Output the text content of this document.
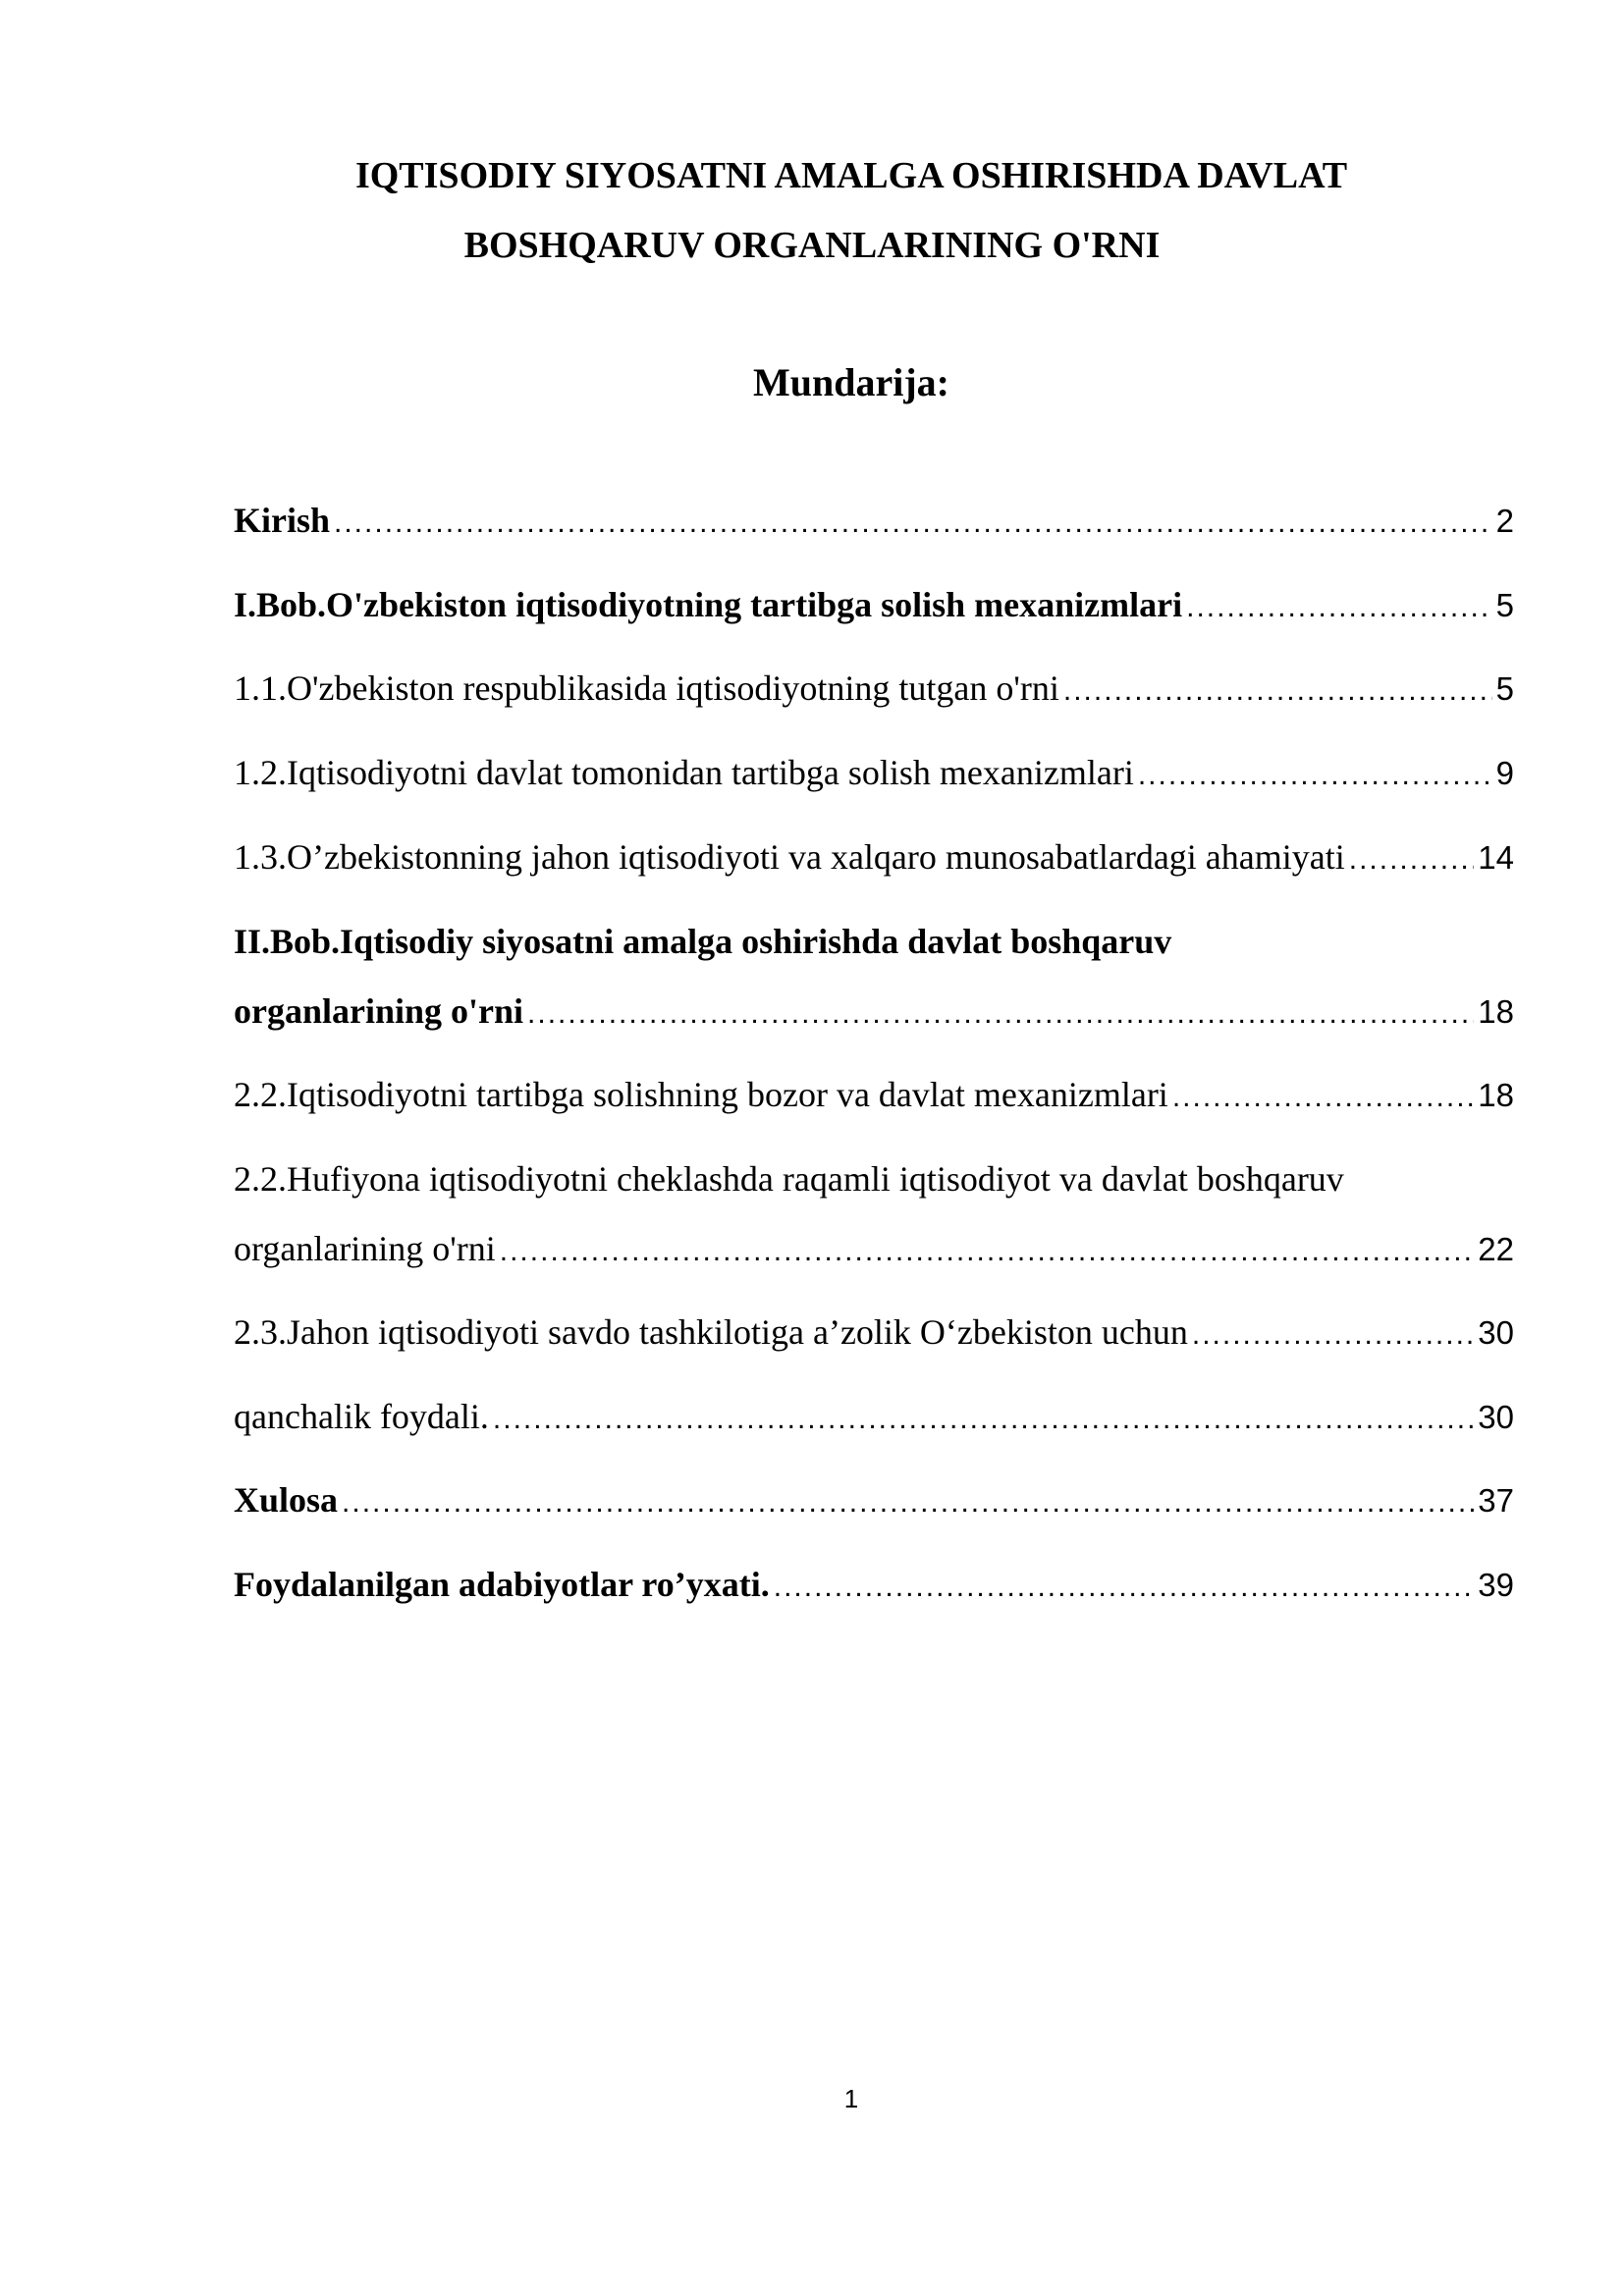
IQTISODIY SIYOSATNI AMALGA OSHIRISHDA DAVLAT
BOSHQARUV ORGANLARINING O'RNI
Mundarija:
Kirish .....	2
I.Bob.O'zbekiston iqtisodiyotning tartibga solish mexanizmlari .....	5
1.1.O'zbekiston respublikasida iqtisodiyotning tutgan o'rni .....	5
1.2.Iqtisodiyotni davlat tomonidan tartibga solish mexanizmlari .....	9
1.3.O’zbekistonning jahon iqtisodiyoti va xalqaro munosabatlardagi ahamiyati .....	14
II.Bob.Iqtisodiy siyosatni amalga oshirishda davlat boshqaruv
organlarining o'rni .....	18
2.2.Iqtisodiyotni tartibga solishning bozor va davlat mexanizmlari .....	18
2.2.Hufiyona iqtisodiyotni cheklashda raqamli iqtisodiyot va davlat boshqaruv
organlarining o'rni .....	22
2.3.Jahon iqtisodiyoti savdo tashkilotiga a’zolik O‘zbekiston uchun .....	30
qanchalik foydali. .....	30
Xulosa .....	37
Foydalanilgan adabiyotlar ro’yxati. .....	39
1
